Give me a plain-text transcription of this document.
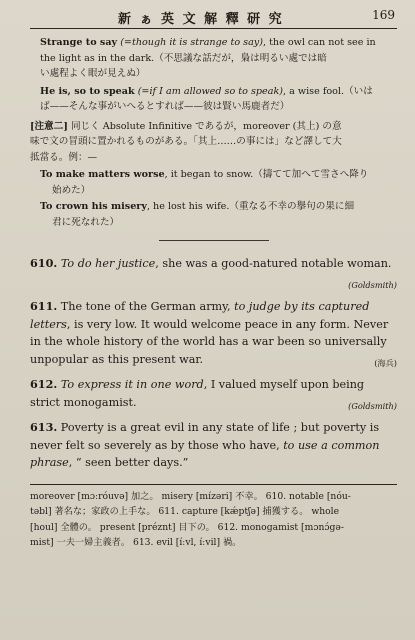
新 ぁ 英 文 解 釋 研 究	169
Strange to say (=though it is strange to say), the owl can not see in
the light as in the dark.（不思議な話だが，梟は明るい處では暗
い處程よく眼が見えぬ）
He is, so to speak (=if I am allowed so to speak), a wise fool.（いは
ば——そんな事がいへるとすれば——彼は賢い馬鹿者だ）
[注意二] 同じく Absolute Infinitive であるが，moreover (其上) の意
味で文の冒頭に置かれるものがある。「其上……の事には」など譯して大
抵當る。例：—
To make matters worse, it began to snow.（擣てて加へて雪さへ降り
始めた）
To crown his misery, he lost his wife.（重なる不幸の擧句の果に細
君に死なれた）
610. To do her justice, she was a good-natured notable woman.
(Goldsmith)
611. The tone of the German army, to judge by its captured letters, is very low. It would welcome peace in any form. Never in the whole history of the world has a war been so universally unpopular as this present war.	(海兵)
612. To express it in one word, I valued myself upon being strict monogamist.	(Goldsmith)
613. Poverty is a great evil in any state of life ; but poverty is never felt so severely as by those who have, to use a common phrase, “ seen better days.”
moreover [mɔːróuvə] 加之。 misery [mízəri] 不幸。 610. notable [nóu-
təbl] 著名な；家政の上手な。 611. capture [kǽptʃə] 捕獲する。 whole
[houl] 全體の。 present [préznt] 目下の。 612. monogamist [mɔnɔ́gə-
mist] 一夫一婦主義者。 613. evil [íːvl, íːvil] 禍。
